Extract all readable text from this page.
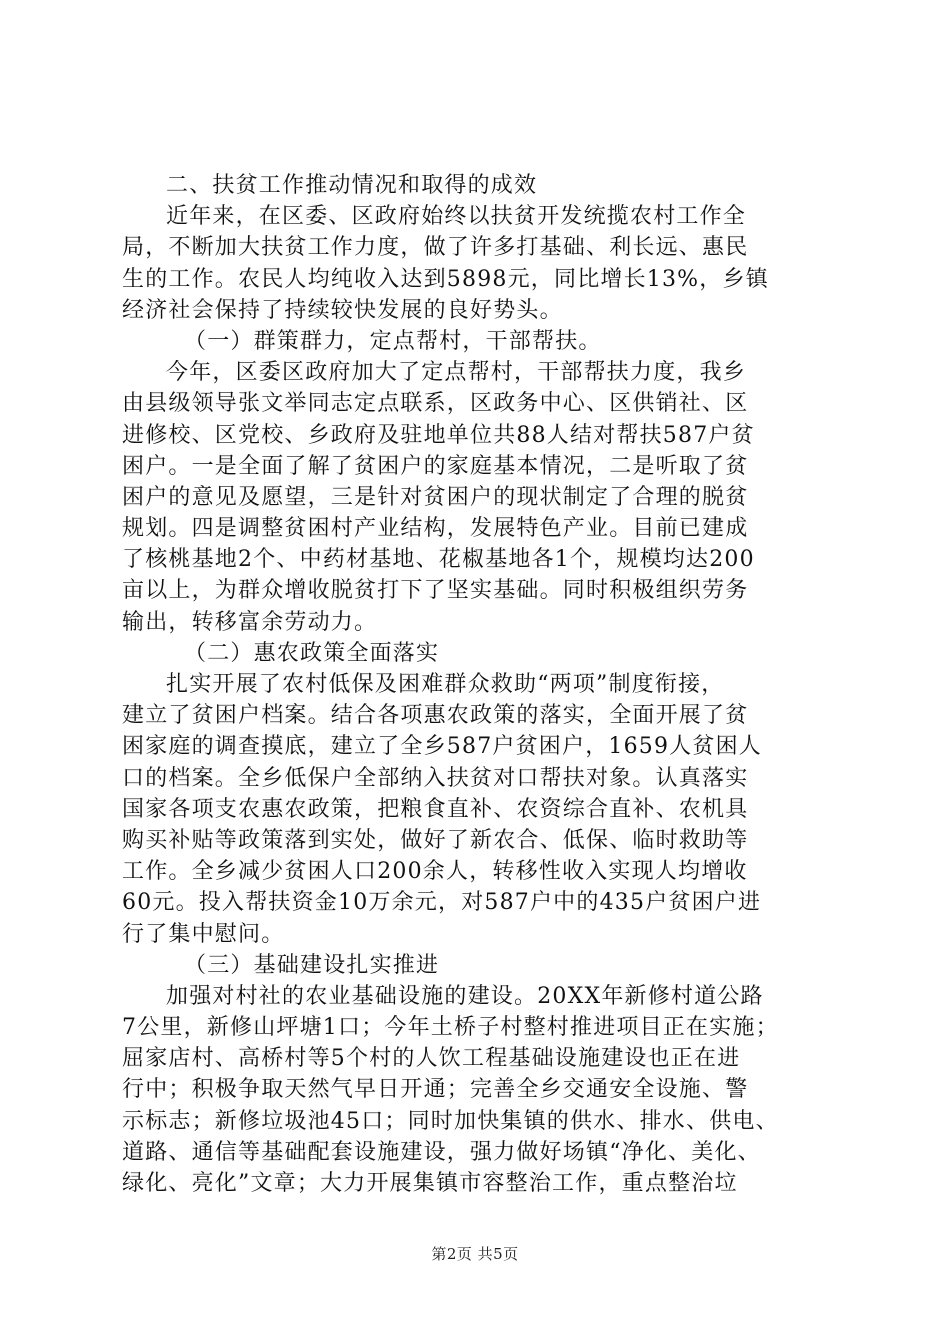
二、扶贫工作推动情况和取得的成效
近年来，在区委、区政府始终以扶贫开发统揽农村工作全
局，不断加大扶贫工作力度，做了许多打基础、利长远、惠民
生的工作。农民人均纯收入达到5898元，同比增长13%，乡镇
经济社会保持了持续较快发展的良好势头。
（一）群策群力，定点帮村，干部帮扶。
今年，区委区政府加大了定点帮村，干部帮扶力度，我乡
由县级领导张文举同志定点联系，区政务中心、区供销社、区
进修校、区党校、乡政府及驻地单位共88人结对帮扶587户贫
困户。一是全面了解了贫困户的家庭基本情况，二是听取了贫
困户的意见及愿望，三是针对贫困户的现状制定了合理的脱贫
规划。四是调整贫困村产业结构，发展特色产业。目前已建成
了核桃基地2个、中药材基地、花椒基地各1个，规模均达200
亩以上，为群众增收脱贫打下了坚实基础。同时积极组织劳务
输出，转移富余劳动力。
（二）惠农政策全面落实
扎实开展了农村低保及困难群众救助“两项”制度衔接，
建立了贫困户档案。结合各项惠农政策的落实，全面开展了贫
困家庭的调查摸底，建立了全乡587户贫困户，1659人贫困人
口的档案。全乡低保户全部纳入扶贫对口帮扶对象。认真落实
国家各项支农惠农政策，把粮食直补、农资综合直补、农机具
购买补贴等政策落到实处，做好了新农合、低保、临时救助等
工作。全乡减少贫困人口200余人，转移性收入实现人均增收
60元。投入帮扶资金10万余元，对587户中的435户贫困户进
行了集中慰问。
（三）基础建设扎实推进
加强对村社的农业基础设施的建设。20XX年新修村道公路
7公里，新修山坪塘1口；今年土桥子村整村推进项目正在实施；
屈家店村、高桥村等5个村的人饮工程基础设施建设也正在进
行中；积极争取天然气早日开通；完善全乡交通安全设施、警
示标志；新修垃圾池45口；同时加快集镇的供水、排水、供电、
道路、通信等基础配套设施建设，强力做好场镇“净化、美化、
绿化、亮化”文章；大力开展集镇市容整治工作，重点整治垃
第2页 共5页
